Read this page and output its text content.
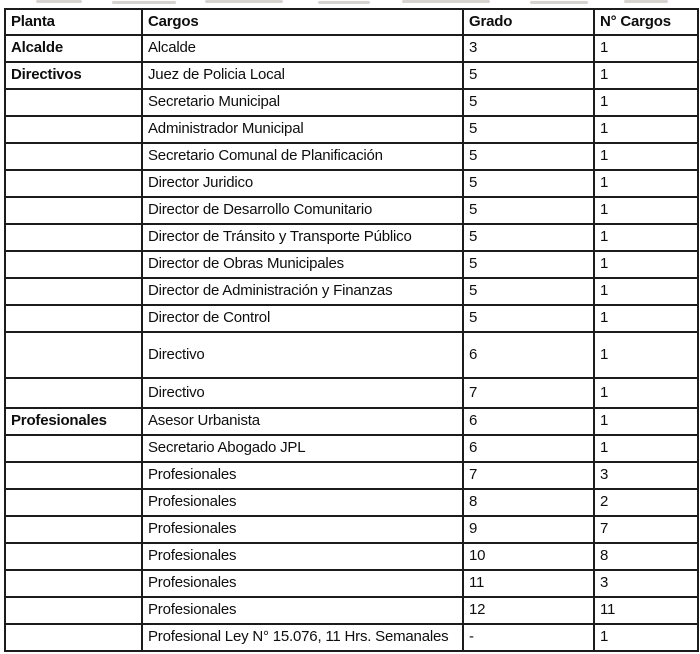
Planta	Cargos	Grado	N° Cargos
Alcalde	Alcalde	3	1
Directivos	Juez de Policia Local	5	1
	Secretario Municipal	5	1
	Administrador Municipal	5	1
	Secretario Comunal de Planificación	5	1
	Director Juridico	5	1
	Director de Desarrollo Comunitario	5	1
	Director de Tránsito y Transporte Público	5	1
	Director de Obras Municipales	5	1
	Director de Administración y Finanzas	5	1
	Director de Control	5	1
	Directivo	6	1
	Directivo	7	1
Profesionales	Asesor Urbanista	6	1
	Secretario Abogado JPL	6	1
	Profesionales	7	3
	Profesionales	8	2
	Profesionales	9	7
	Profesionales	10	8
	Profesionales	11	3
	Profesionales	12	11
	Profesional Ley N° 15.076, 11 Hrs. Semanales	-	1
